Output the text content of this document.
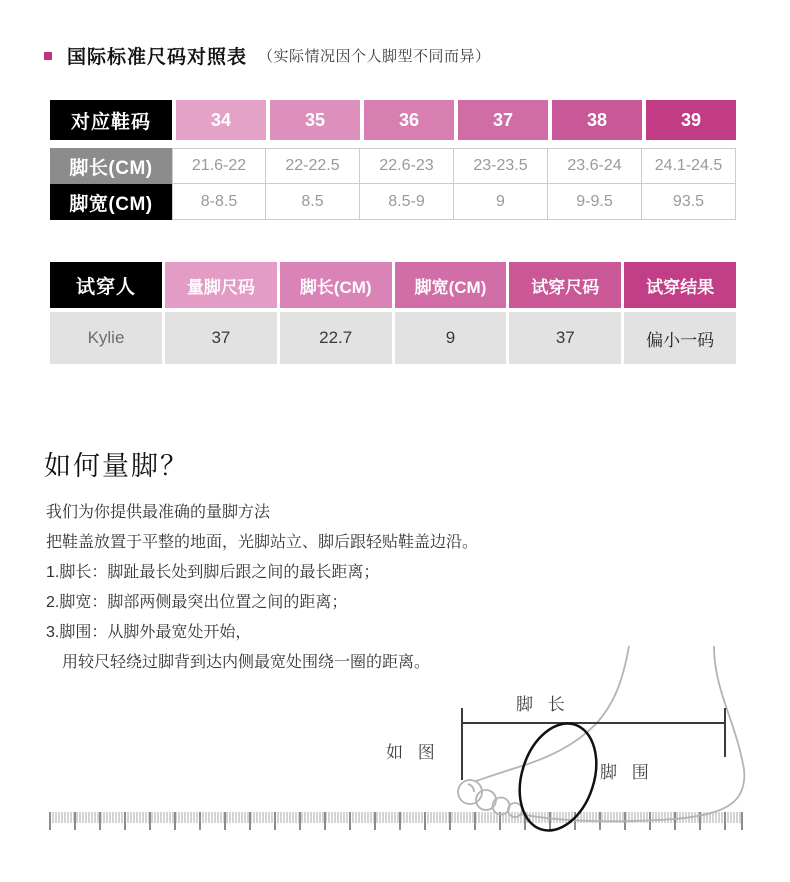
国际标准尺码对照表 （实际情况因个人脚型不同而异）
对应鞋码	34	35	36	37	38	39
脚长(CM)	21.6-22	22-22.5	22.6-23	23-23.5	23.6-24	24.1-24.5
脚宽(CM)	8-8.5	8.5	8.5-9	9	9-9.5	93.5
试穿人	量脚尺码	脚长(CM)	脚宽(CM)	试穿尺码	试穿结果
Kylie	37	22.7	9	37	偏小一码
如何量脚？
我们为你提供最准确的量脚方法
把鞋盖放置于平整的地面，光脚站立、脚后跟轻贴鞋盖边沿。
1.脚长：脚趾最长处到脚后跟之间的最长距离；
2.脚宽：脚部两侧最突出位置之间的距离；
3.脚围：从脚外最宽处开始，
用较尺轻绕过脚背到达内侧最宽处围绕一圈的距离。
脚 长
如 图
脚 围
